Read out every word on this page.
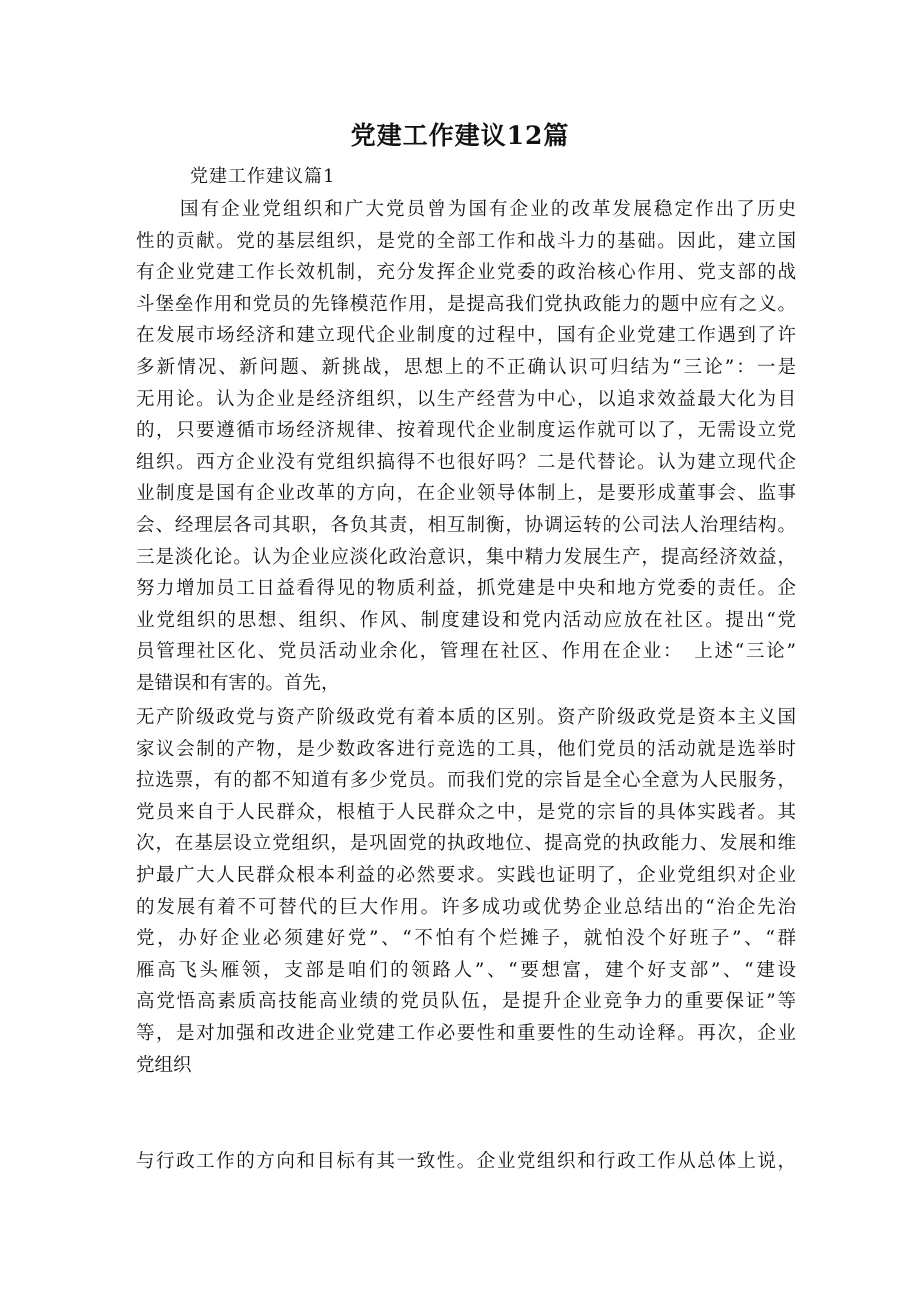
党建工作建议12篇
党建工作建议篇1
国有企业党组织和广大党员曾为国有企业的改革发展稳定作出了历史
性的贡献。党的基层组织，是党的全部工作和战斗力的基础。因此，建立国
有企业党建工作长效机制，充分发挥企业党委的政治核心作用、党支部的战
斗堡垒作用和党员的先锋模范作用，是提高我们党执政能力的题中应有之义。
在发展市场经济和建立现代企业制度的过程中，国有企业党建工作遇到了许
多新情况、新问题、新挑战，思想上的不正确认识可归结为“三论”：一是
无用论。认为企业是经济组织，以生产经营为中心，以追求效益最大化为目
的，只要遵循市场经济规律、按着现代企业制度运作就可以了，无需设立党
组织。西方企业没有党组织搞得不也很好吗？二是代替论。认为建立现代企
业制度是国有企业改革的方向，在企业领导体制上，是要形成董事会、监事
会、经理层各司其职，各负其责，相互制衡，协调运转的公司法人治理结构。
三是淡化论。认为企业应淡化政治意识，集中精力发展生产，提高经济效益，
努力增加员工日益看得见的物质利益，抓党建是中央和地方党委的责任。企
业党组织的思想、组织、作风、制度建设和党内活动应放在社区。提出“党
员管理社区化、党员活动业余化，管理在社区、作用在企业：　上述“三论”
是错误和有害的。首先，
无产阶级政党与资产阶级政党有着本质的区别。资产阶级政党是资本主义国
家议会制的产物，是少数政客进行竞选的工具，他们党员的活动就是选举时
拉选票，有的都不知道有多少党员。而我们党的宗旨是全心全意为人民服务，
党员来自于人民群众，根植于人民群众之中，是党的宗旨的具体实践者。其
次，在基层设立党组织，是巩固党的执政地位、提高党的执政能力、发展和维
护最广大人民群众根本利益的必然要求。实践也证明了，企业党组织对企业
的发展有着不可替代的巨大作用。许多成功或优势企业总结出的“治企先治
党，办好企业必须建好党”、“不怕有个烂摊子，就怕没个好班子”、“群
雁高飞头雁领，支部是咱们的领路人”、“要想富，建个好支部”、“建设
高党悟高素质高技能高业绩的党员队伍，是提升企业竞争力的重要保证”等
等，是对加强和改进企业党建工作必要性和重要性的生动诠释。再次，企业
党组织
与行政工作的方向和目标有其一致性。企业党组织和行政工作从总体上说，
